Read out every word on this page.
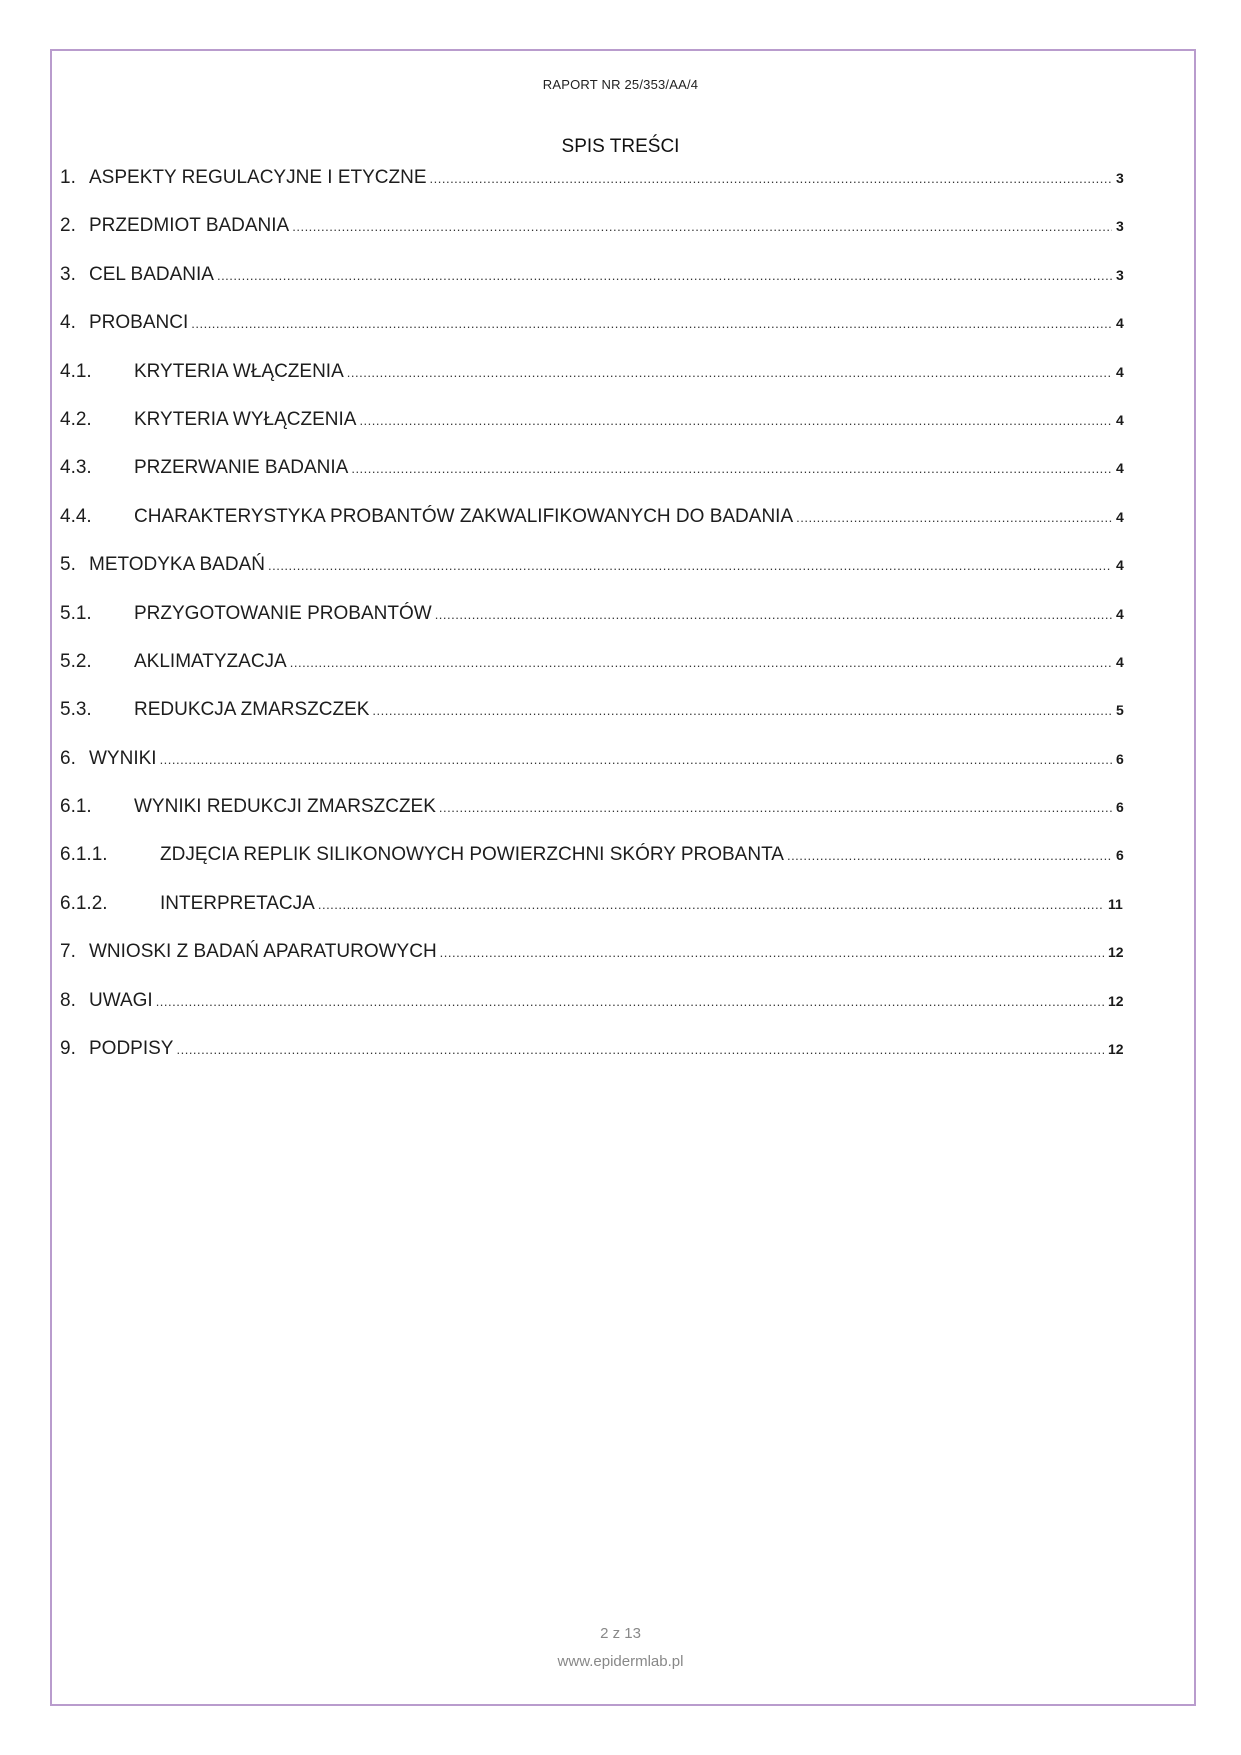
RAPORT NR 25/353/AA/4
SPIS TREŚCI
1. ASPEKTY REGULACYJNE I ETYCZNE .....	3
2. PRZEDMIOT BADANIA .....	3
3. CEL BADANIA .....	3
4. PROBANCI .....	4
4.1.	KRYTERIA WŁĄCZENIA .....	4
4.2.	KRYTERIA WYŁĄCZENIA .....	4
4.3.	PRZERWANIE BADANIA .....	4
4.4.	CHARAKTERYSTYKA PROBANTÓW ZAKWALIFIKOWANYCH DO BADANIA .....	4
5. METODYKA BADAŃ .....	4
5.1.	PRZYGOTOWANIE PROBANTÓW .....	4
5.2.	AKLIMATYZACJA .....	4
5.3.	REDUKCJA ZMARSZCZEK .....	5
6. WYNIKI .....	6
6.1.	WYNIKI REDUKCJI ZMARSZCZEK .....	6
6.1.1.	ZDJĘCIA REPLIK SILIKONOWYCH POWIERZCHNI SKÓRY PROBANTA .....	6
6.1.2.	INTERPRETACJA .....	11
7. WNIOSKI Z BADAŃ APARATUROWYCH .....	12
8. UWAGI .....	12
9. PODPISY .....	12
2 z 13
www.epidermlab.pl
